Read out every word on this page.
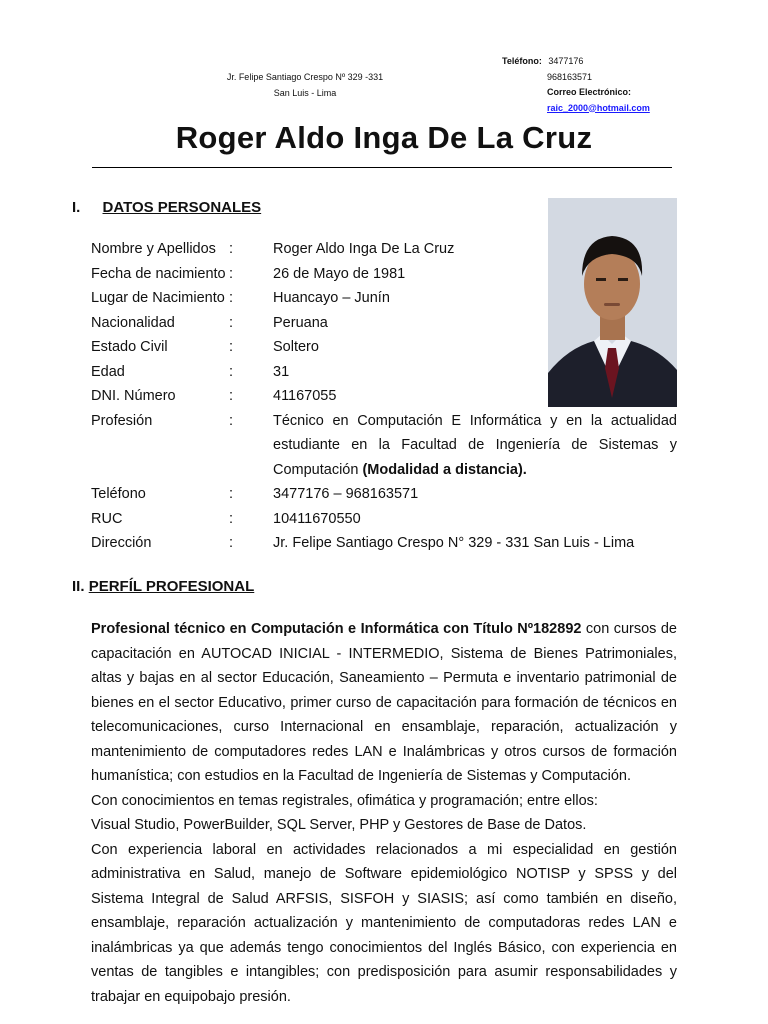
Jr. Felipe Santiago Crespo Nº 329 -331
San Luis - Lima
Teléfono: 3477176
968163571
Correo Electrónico:
raic_2000@hotmail.com
Roger Aldo Inga De La Cruz
I. DATOS PERSONALES
Nombre y Apellidos :	Roger Aldo Inga De La Cruz
Fecha de nacimiento :	26 de Mayo de 1981
Lugar de Nacimiento :	Huancayo – Junín
Nacionalidad	:	Peruana
Estado Civil	:	Soltero
Edad	:	31
DNI. Número	:	41167055
Profesión	:	Técnico en Computación E Informática y en la actualidad estudiante en la Facultad de Ingeniería de Sistemas y Computación (Modalidad a distancia).
Teléfono	:	3477176 – 968163571
RUC	:	10411670550
Dirección	:	Jr. Felipe Santiago Crespo N° 329 - 331 San Luis - Lima
II. PERFÍL PROFESIONAL

Profesional técnico en Computación e Informática con Título Nº182892 con cursos de capacitación en AUTOCAD INICIAL - INTERMEDIO, Sistema de Bienes Patrimoniales, altas y bajas en al sector Educación, Saneamiento – Permuta e inventario patrimonial de bienes en el sector Educativo, primer curso de capacitación para formación de técnicos en telecomunicaciones, curso Internacional en ensamblaje, reparación, actualización y mantenimiento de computadores redes LAN e Inalámbricas y otros cursos de formación humanística; con estudios en la Facultad de Ingeniería de Sistemas y Computación.

Con conocimientos en temas registrales, ofimática y programación; entre ellos:

Visual Studio, PowerBuilder, SQL Server, PHP y Gestores de Base de Datos.

Con experiencia laboral en actividades relacionados a mi especialidad en gestión administrativa en Salud, manejo de Software epidemiológico NOTISP y SPSS y del Sistema Integral de Salud ARFSIS, SISFOH y SIASIS; así como también en diseño, ensamblaje, reparación actualización y mantenimiento de computadoras redes LAN e inalámbricas ya que además tengo conocimientos del Inglés Básico, con experiencia en ventas de tangibles e intangibles; con predisposición para asumir responsabilidades y trabajar en equipobajo presión.
